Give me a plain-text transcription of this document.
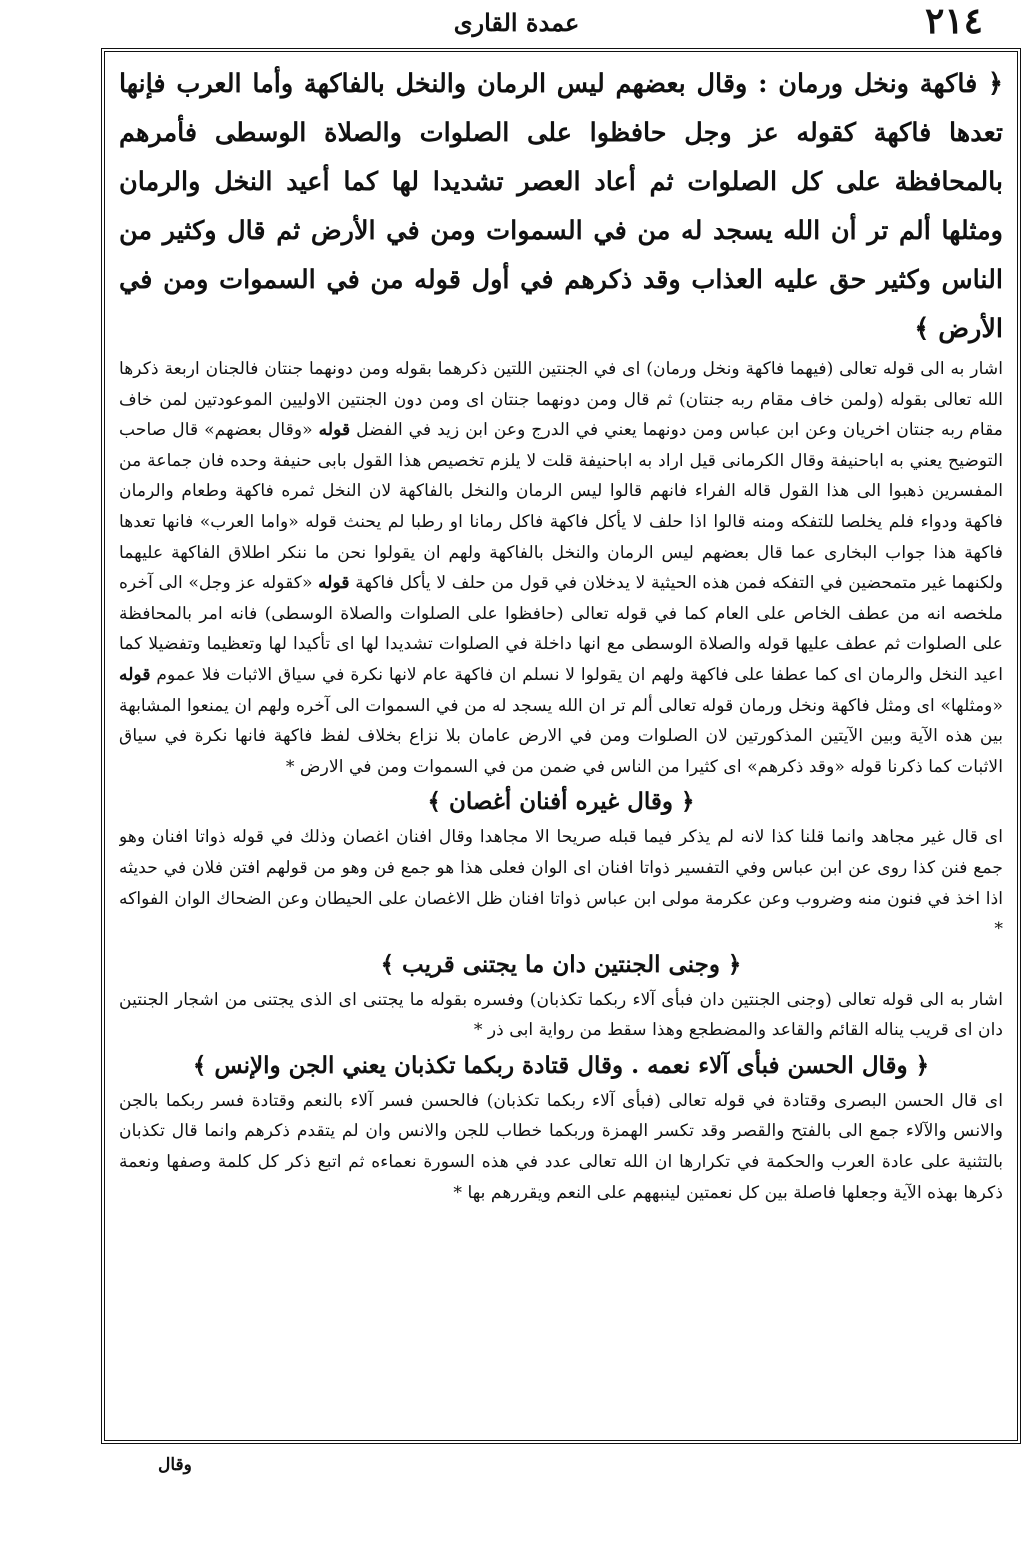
٢١٤
عمدة القارى

﴿ فاكهة ونخل ورمان : وقال بعضهم ليس الرمان والنخل بالفاكهة وأما العرب فإنها تعدها فاكهة كقوله عز وجل حافظوا على الصلوات والصلاة الوسطى فأمرهم بالمحافظة على كل الصلوات ثم أعاد العصر تشديدا لها كما أعيد النخل والرمان ومثلها ألم تر أن الله يسجد له من في السموات ومن في الأرض ثم قال وكثير من الناس وكثير حق عليه العذاب وقد ذكرهم في أول قوله من في السموات ومن في الأرض ﴾

اشار به الى قوله تعالى (فيهما فاكهة ونخل ورمان) اى في الجنتين اللتين ذكرهما بقوله ومن دونهما جنتان فالجنان اربعة ذكرها الله تعالى بقوله (ولمن خاف مقام ربه جنتان) ثم قال ومن دونهما جنتان اى ومن دون الجنتين الاوليين الموعودتين لمن خاف مقام ربه جنتان اخريان وعن ابن عباس ومن دونهما يعني في الدرج وعن ابن زيد في الفضل قوله «وقال بعضهم» قال صاحب التوضيح يعني به اباحنيفة وقال الكرمانى قيل اراد به اباحنيفة قلت لا يلزم تخصيص هذا القول بابى حنيفة وحده فان جماعة من المفسرين ذهبوا الى هذا القول قاله الفراء فانهم قالوا ليس الرمان والنخل بالفاكهة لان النخل ثمره فاكهة وطعام والرمان فاكهة ودواء فلم يخلصا للتفكه ومنه قالوا اذا حلف لا يأكل فاكهة فاكل رمانا او رطبا لم يحنث قوله «واما العرب» فانها تعدها فاكهة هذا جواب البخارى عما قال بعضهم ليس الرمان والنخل بالفاكهة ولهم ان يقولوا نحن ما ننكر اطلاق الفاكهة عليهما ولكنهما غير متمحضين في التفكه فمن هذه الحيثية لا يدخلان في قول من حلف لا يأكل فاكهة قوله «كقوله عز وجل» الى آخره ملخصه انه من عطف الخاص على العام كما في قوله تعالى (حافظوا على الصلوات والصلاة الوسطى) فانه امر بالمحافظة على الصلوات ثم عطف عليها قوله والصلاة الوسطى مع انها داخلة في الصلوات تشديدا لها اى تأكيدا لها وتعظيما وتفضيلا كما اعيد النخل والرمان اى كما عطفا على فاكهة ولهم ان يقولوا لا نسلم ان فاكهة عام لانها نكرة في سياق الاثبات فلا عموم قوله «ومثلها» اى ومثل فاكهة ونخل ورمان قوله تعالى ألم تر ان الله يسجد له من في السموات الى آخره ولهم ان يمنعوا المشابهة بين هذه الآية وبين الآيتين المذكورتين لان الصلوات ومن في الارض عامان بلا نزاع بخلاف لفظ فاكهة فانها نكرة في سياق الاثبات كما ذكرنا قوله «وقد ذكرهم» اى كثيرا من الناس في ضمن من في السموات ومن في الارض *

﴿ وقال غيره أفنان أغصان ﴾

اى قال غير مجاهد وانما قلنا كذا لانه لم يذكر فيما قبله صريحا الا مجاهدا وقال افنان اغصان وذلك في قوله ذواتا افنان وهو جمع فنن كذا روى عن ابن عباس وفي التفسير ذواتا افنان اى الوان فعلى هذا هو جمع فن وهو من قولهم افتن فلان في حديثه اذا اخذ في فنون منه وضروب وعن عكرمة مولى ابن عباس ذواتا افنان ظل الاغصان على الحيطان وعن الضحاك الوان الفواكه *

﴿ وجنى الجنتين دان ما يجتنى قريب ﴾

اشار به الى قوله تعالى (وجنى الجنتين دان فبأى آلاء ربكما تكذبان) وفسره بقوله ما يجتنى اى الذى يجتنى من اشجار الجنتين دان اى قريب يناله القائم والقاعد والمضطجع وهذا سقط من رواية ابى ذر *

﴿ وقال الحسن فبأى آلاء نعمه . وقال قتادة ربكما تكذبان يعني الجن والإنس ﴾

اى قال الحسن البصرى وقتادة في قوله تعالى (فبأى آلاء ربكما تكذبان) فالحسن فسر آلاء بالنعم وقتادة فسر ربكما بالجن والانس والآلاء جمع الى بالفتح والقصر وقد تكسر الهمزة وربكما خطاب للجن والانس وان لم يتقدم ذكرهم وانما قال تكذبان بالتثنية على عادة العرب والحكمة في تكرارها ان الله تعالى عدد في هذه السورة نعماءه ثم اتبع ذكر كل كلمة وصفها ونعمة ذكرها بهذه الآية وجعلها فاصلة بين كل نعمتين لينبههم على النعم ويقررهم بها *

وقال
